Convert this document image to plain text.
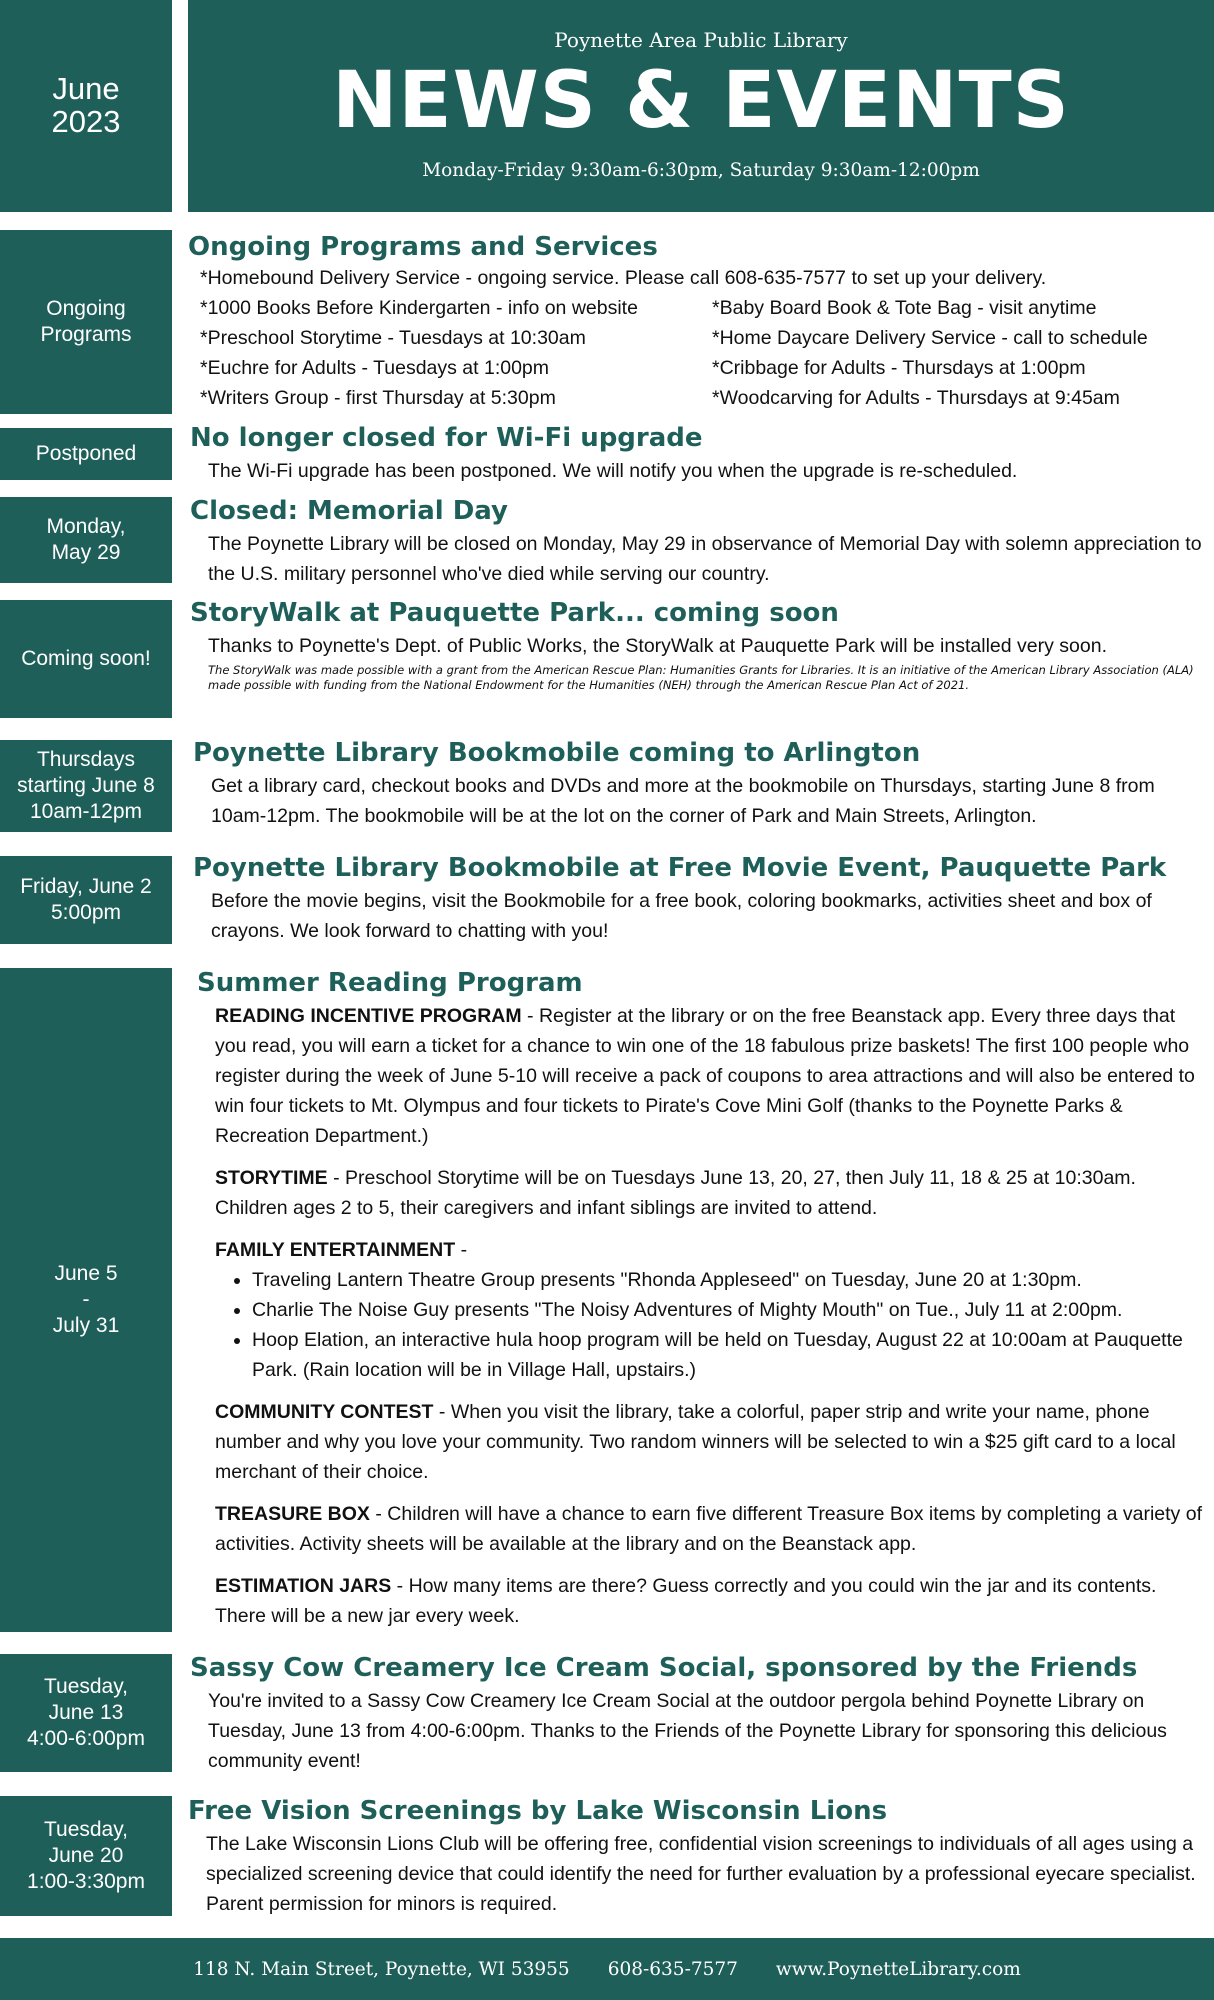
June
2023
Poynette Area Public Library
NEWS & EVENTS
Monday-Friday 9:30am-6:30pm, Saturday 9:30am-12:00pm
Ongoing
Programs
Ongoing Programs and Services
*Homebound Delivery Service - ongoing service. Please call 608-635-7577 to set up your delivery.
*1000 Books Before Kindergarten - info on website	*Baby Board Book & Tote Bag - visit anytime
*Preschool Storytime - Tuesdays at 10:30am	*Home Daycare Delivery Service - call to schedule
*Euchre for Adults - Tuesdays at 1:00pm	*Cribbage for Adults - Thursdays at 1:00pm
*Writers Group - first Thursday at 5:30pm	*Woodcarving for Adults - Thursdays at 9:45am
Postponed
No longer closed for Wi-Fi upgrade
The Wi-Fi upgrade has been postponed. We will notify you when the upgrade is re-scheduled.
Monday,
May 29
Closed: Memorial Day
The Poynette Library will be closed on Monday, May 29 in observance of Memorial Day with solemn appreciation to the U.S. military personnel who've died while serving our country.
Coming soon!
StoryWalk at Pauquette Park... coming soon
Thanks to Poynette's Dept. of Public Works, the StoryWalk at Pauquette Park will be installed very soon.
The StoryWalk was made possible with a grant from the American Rescue Plan: Humanities Grants for Libraries. It is an initiative of the American Library Association (ALA) made possible with funding from the National Endowment for the Humanities (NEH) through the American Rescue Plan Act of 2021.
Thursdays
starting June 8
10am-12pm
Poynette Library Bookmobile coming to Arlington
Get a library card, checkout books and DVDs and more at the bookmobile on Thursdays, starting June 8 from 10am-12pm. The bookmobile will be at the lot on the corner of Park and Main Streets, Arlington.
Friday, June 2
5:00pm
Poynette Library Bookmobile at Free Movie Event, Pauquette Park
Before the movie begins, visit the Bookmobile for a free book, coloring bookmarks, activities sheet and box of crayons. We look forward to chatting with you!
June 5
-
July 31
Summer Reading Program

READING INCENTIVE PROGRAM - Register at the library or on the free Beanstack app. Every three days that you read, you will earn a ticket for a chance to win one of the 18 fabulous prize baskets! The first 100 people who register during the week of June 5-10 will receive a pack of coupons to area attractions and will also be entered to win four tickets to Mt. Olympus and four tickets to Pirate's Cove Mini Golf (thanks to the Poynette Parks & Recreation Department.)

STORYTIME - Preschool Storytime will be on Tuesdays June 13, 20, 27, then July 11, 18 & 25 at 10:30am. Children ages 2 to 5, their caregivers and infant siblings are invited to attend.

FAMILY ENTERTAINMENT -

• Traveling Lantern Theatre Group presents "Rhonda Appleseed" on Tuesday, June 20 at 1:30pm.
• Charlie The Noise Guy presents "The Noisy Adventures of Mighty Mouth" on Tue., July 11 at 2:00pm.
• Hoop Elation, an interactive hula hoop program will be held on Tuesday, August 22 at 10:00am at Pauquette Park. (Rain location will be in Village Hall, upstairs.)

COMMUNITY CONTEST - When you visit the library, take a colorful, paper strip and write your name, phone number and why you love your community. Two random winners will be selected to win a $25 gift card to a local merchant of their choice.

TREASURE BOX - Children will have a chance to earn five different Treasure Box items by completing a variety of activities. Activity sheets will be available at the library and on the Beanstack app.

ESTIMATION JARS - How many items are there? Guess correctly and you could win the jar and its contents. There will be a new jar every week.

Tuesday,
June 13
4:00-6:00pm
Sassy Cow Creamery Ice Cream Social, sponsored by the Friends
You're invited to a Sassy Cow Creamery Ice Cream Social at the outdoor pergola behind Poynette Library on Tuesday, June 13 from 4:00-6:00pm. Thanks to the Friends of the Poynette Library for sponsoring this delicious community event!
Tuesday,
June 20
1:00-3:30pm
Free Vision Screenings by Lake Wisconsin Lions
The Lake Wisconsin Lions Club will be offering free, confidential vision screenings to individuals of all ages using a specialized screening device that could identify the need for further evaluation by a professional eyecare specialist. Parent permission for minors is required.
118 N. Main Street, Poynette, WI 53955 608-635-7577 www.PoynetteLibrary.com
